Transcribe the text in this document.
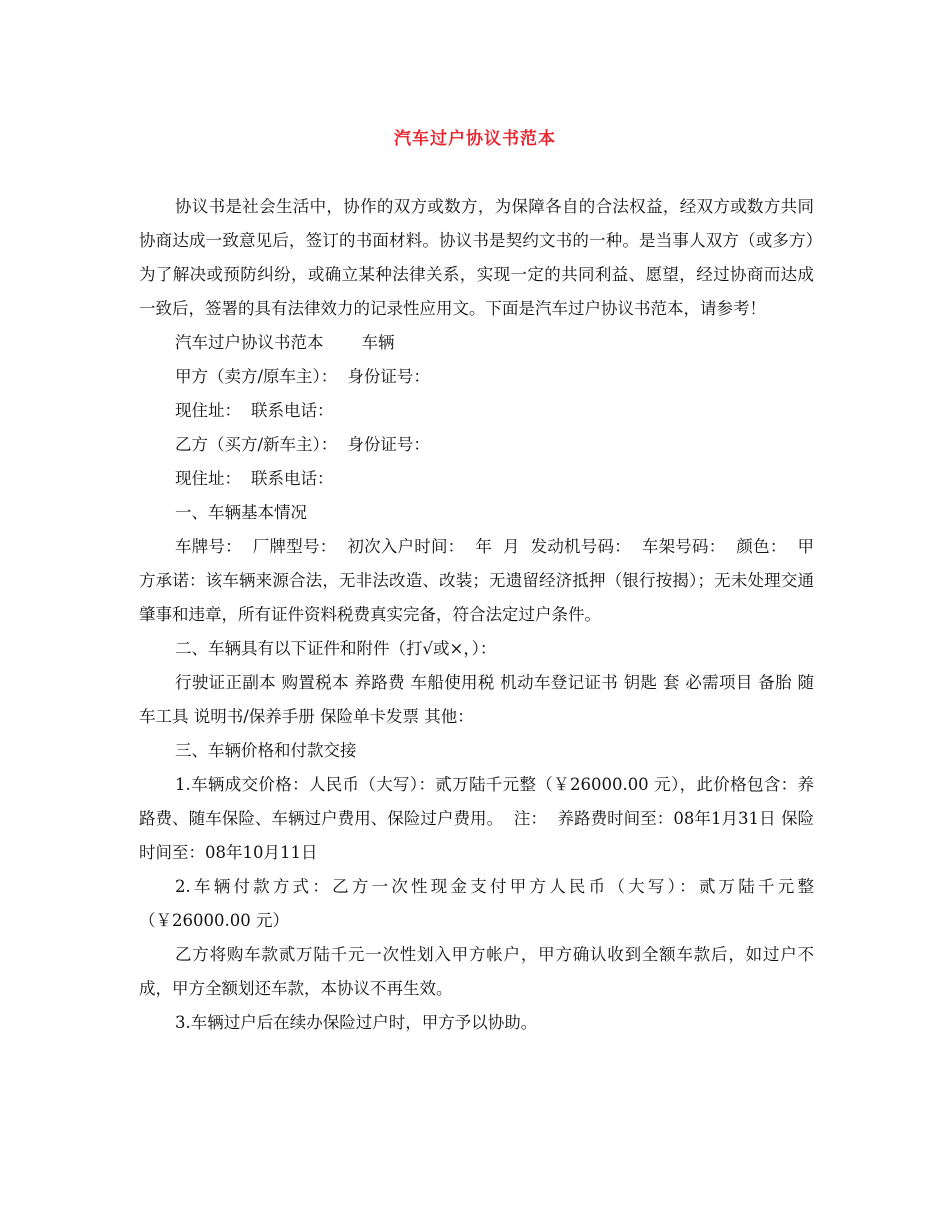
汽车过户协议书范本

协议书是社会生活中，协作的双方或数方，为保障各自的合法权益，经双方或数方共同协商达成一致意见后，签订的书面材料。协议书是契约文书的一种。是当事人双方（或多方）为了解决或预防纠纷，或确立某种法律关系，实现一定的共同利益、愿望，经过协商而达成一致后，签署的具有法律效力的记录性应用文。下面是汽车过户协议书范本，请参考！

汽车过户协议书范本 车辆

甲方（卖方/原车主）： 身份证号：

现住址： 联系电话：

乙方（买方/新车主）： 身份证号：

现住址： 联系电话：

一、车辆基本情况

车牌号：  厂牌型号：  初次入户时间：  年  月  发动机号码：  车架号码：  颜色：  甲方承诺：该车辆来源合法，无非法改造、改装；无遗留经济抵押（银行按揭）；无未处理交通肇事和违章，所有证件资料税费真实完备，符合法定过户条件。

二、车辆具有以下证件和附件（打√或×，）：

行驶证正副本 购置税本 养路费 车船使用税 机动车登记证书 钥匙 套 必需项目 备胎 随车工具 说明书/保养手册 保险单卡发票 其他：

三、车辆价格和付款交接

1.车辆成交价格：人民币（大写）：贰万陆千元整（￥26000.00 元），此价格包含：养路费、随车保险、车辆过户费用、保险过户费用。  注：  养路费时间至：08年1月31日 保险时间至：08年10月11日

2.车辆付款方式：乙方一次性现金支付甲方人民币（大写）：贰万陆千元整（￥26000.00 元）

乙方将购车款贰万陆千元一次性划入甲方帐户，甲方确认收到全额车款后，如过户不成，甲方全额划还车款，本协议不再生效。

3.车辆过户后在续办保险过户时，甲方予以协助。
